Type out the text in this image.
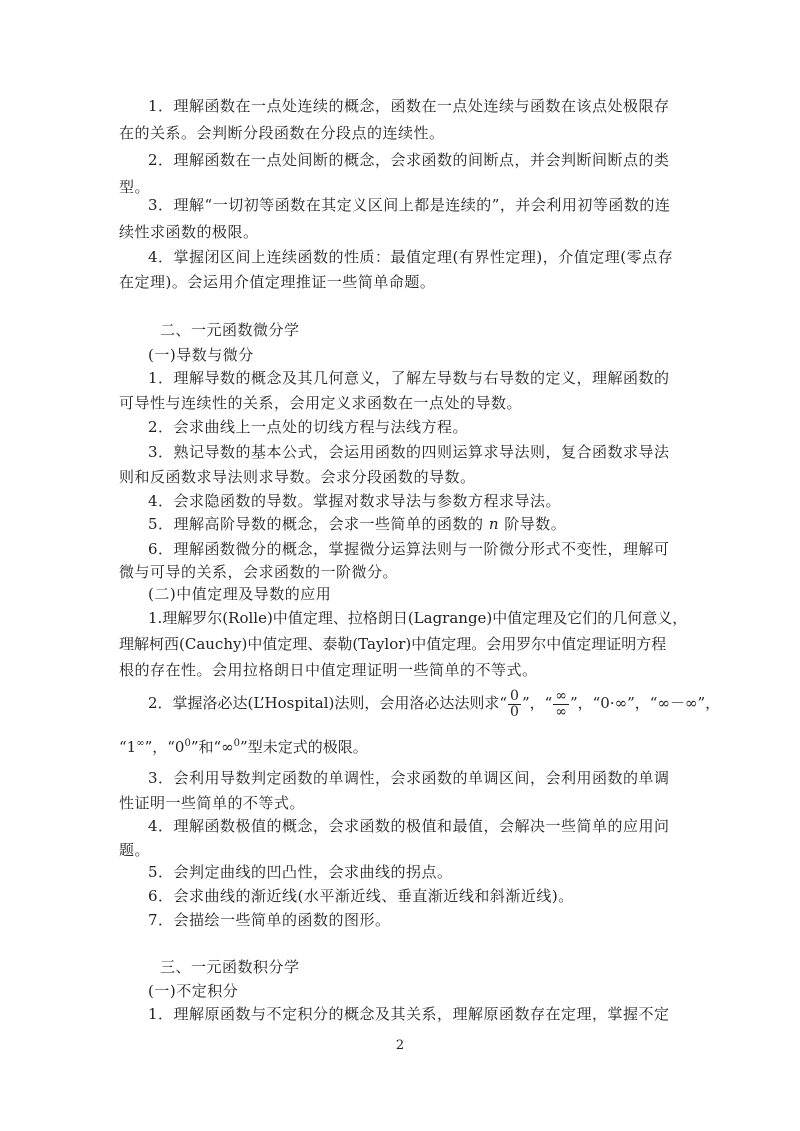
1．理解函数在一点处连续的概念，函数在一点处连续与函数在该点处极限存
在的关系。会判断分段函数在分段点的连续性。
2．理解函数在一点处间断的概念，会求函数的间断点，并会判断间断点的类
型。
3．理解“一切初等函数在其定义区间上都是连续的”，并会利用初等函数的连
续性求函数的极限。
4．掌握闭区间上连续函数的性质：最值定理(有界性定理)，介值定理(零点存
在定理)。会运用介值定理推证一些简单命题。
二、一元函数微分学
(一)导数与微分
1．理解导数的概念及其几何意义，了解左导数与右导数的定义，理解函数的
可导性与连续性的关系，会用定义求函数在一点处的导数。
2．会求曲线上一点处的切线方程与法线方程。
3．熟记导数的基本公式，会运用函数的四则运算求导法则，复合函数求导法
则和反函数求导法则求导数。会求分段函数的导数。
4．会求隐函数的导数。掌握对数求导法与参数方程求导法。
5．理解高阶导数的概念，会求一些简单的函数的 n 阶导数。
6．理解函数微分的概念，掌握微分运算法则与一阶微分形式不变性，理解可
微与可导的关系，会求函数的一阶微分。
(二)中值定理及导数的应用
1.理解罗尔(Rolle)中值定理、拉格朗日(Lagrange)中值定理及它们的几何意义，
理解柯西(Cauchy)中值定理、泰勒(Taylor)中值定理。会用罗尔中值定理证明方程
根的存在性。会用拉格朗日中值定理证明一些简单的不等式。
2．掌握洛必达(L’Hospital)法则，会用洛必达法则求“ $\frac{0}{0}$ ”，“ $\frac{\infty}{\infty}$ ”，“0·∞”，“∞－∞”，
“1∞”，“$0^0$”和“∞$^0$”型未定式的极限。
3．会利用导数判定函数的单调性，会求函数的单调区间，会利用函数的单调
性证明一些简单的不等式。
4．理解函数极值的概念，会求函数的极值和最值，会解决一些简单的应用问
题。
5．会判定曲线的凹凸性，会求曲线的拐点。
6．会求曲线的渐近线(水平渐近线、垂直渐近线和斜渐近线)。
7．会描绘一些简单的函数的图形。
三、一元函数积分学
(一)不定积分
1．理解原函数与不定积分的概念及其关系，理解原函数存在定理，掌握不定
2
